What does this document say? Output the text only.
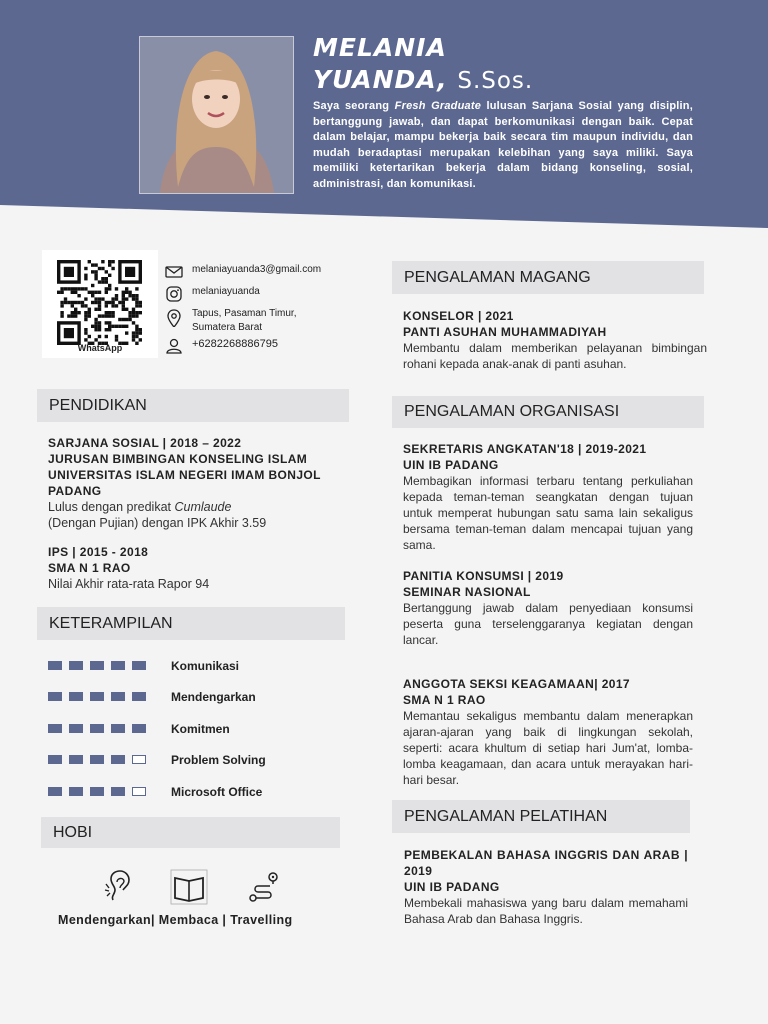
MELANIA
YUANDA, S.Sos.
Saya seorang Fresh Graduate lulusan Sarjana Sosial yang disiplin, bertanggung jawab, dan dapat berkomunikasi dengan baik. Cepat dalam belajar, mampu bekerja baik secara tim maupun individu, dan mudah beradaptasi merupakan kelebihan yang saya miliki. Saya memiliki ketertarikan bekerja dalam bidang konseling, sosial, administrasi, dan komunikasi.
WhatsApp
melaniayuanda3@gmail.com
melaniayuanda
Tapus, Pasaman Timur,
Sumatera Barat
+6282268886795
PENDIDIKAN
SARJANA SOSIAL | 2018 – 2022
JURUSAN BIMBINGAN KONSELING ISLAM
UNIVERSITAS ISLAM NEGERI IMAM BONJOL
PADANG
Lulus dengan predikat Cumlaude
(Dengan Pujian) dengan IPK Akhir 3.59
IPS | 2015 - 2018
SMA N 1 RAO
Nilai Akhir rata-rata Rapor 94
KETERAMPILAN
Komunikasi
Mendengarkan
Komitmen
Problem Solving
Microsoft Office
HOBI
Mendengarkan| Membaca | Travelling
PENGALAMAN MAGANG
KONSELOR | 2021
PANTI ASUHAN MUHAMMADIYAH
Membantu dalam memberikan pelayanan bimbingan rohani kepada anak-anak di panti asuhan.
PENGALAMAN ORGANISASI
SEKRETARIS ANGKATAN'18 | 2019-2021
UIN IB PADANG
Membagikan informasi terbaru tentang perkuliahan kepada teman-teman seangkatan dengan tujuan untuk memperat hubungan satu sama lain sekaligus bersama teman-teman dalam mencapai tujuan yang sama.
PANITIA KONSUMSI | 2019
SEMINAR NASIONAL
Bertanggung jawab dalam penyediaan konsumsi peserta guna terselenggaranya kegiatan dengan lancar.
ANGGOTA SEKSI KEAGAMAAN| 2017
SMA N 1 RAO
Memantau sekaligus membantu dalam menerapkan ajaran-ajaran yang baik di lingkungan sekolah, seperti: acara khultum di setiap hari Jum'at, lomba-lomba keagamaan, dan acara untuk merayakan hari-hari besar.
PENGALAMAN PELATIHAN
PEMBEKALAN BAHASA INGGRIS DAN ARAB | 2019
UIN IB PADANG
Membekali mahasiswa yang baru dalam memahami Bahasa Arab dan Bahasa Inggris.
